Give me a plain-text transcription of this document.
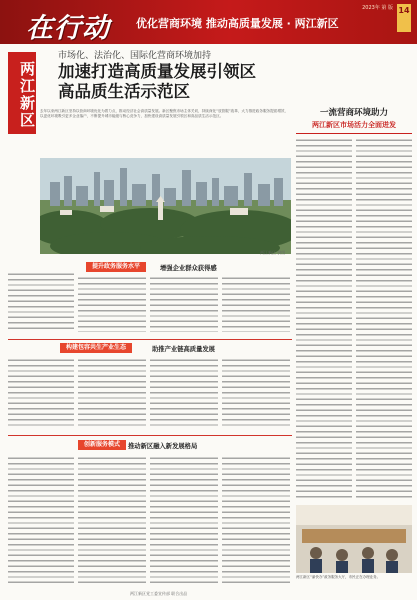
在行动 优化营商环境 推动高质量发展 · 两江新区
2023年 第 版 14
两江新区
市场化、法治化、国际化营商环境加持
加速打造高质量发展引领区
高品质生活示范区
去年以来两江新区坚持以营商环境优化为着力点，推动经济社会高质量发展。新区聚焦市场主体关切，持续深化“放管服”改革，大力推进政务服务提质增效，以更优环境吸引更多企业落户，不断提升城市能级与核心竞争力，加快建设高质量发展引领区和高品质生活示范区。
两江新区 供图
一流营商环境助力
两江新区市场活力全面迸发
提升政务服务水平	增强企业群众获得感
构建包容共生产业生态	助推产业链高质量发展
创新服务模式	推动新区融入新发展格局
两江新区“渝快办”政务服务大厅，市民正在办理业务。
两江新区党工委宣传部 联合出品
